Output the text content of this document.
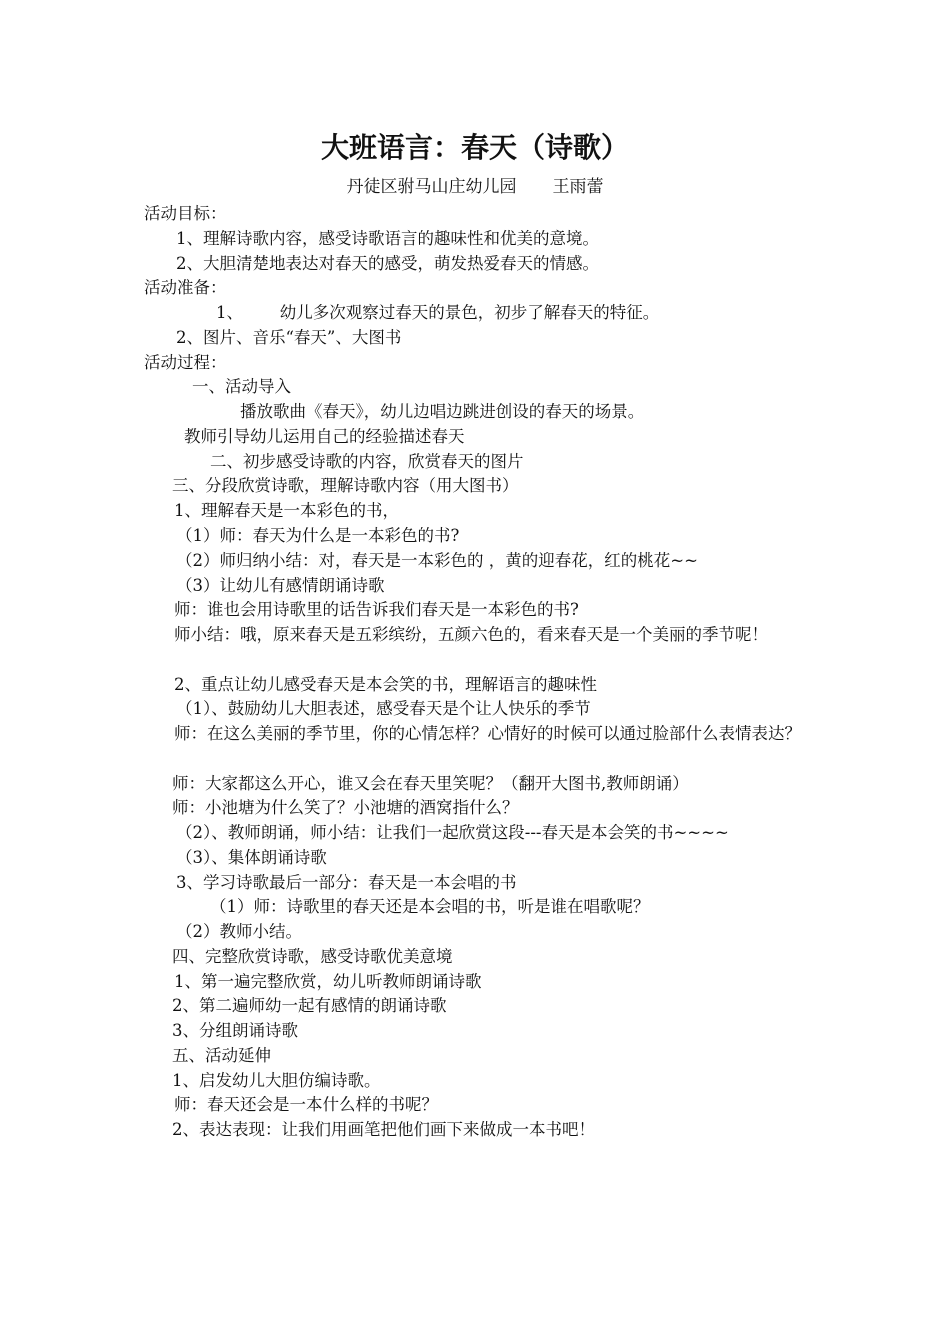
大班语言：春天（诗歌）
丹徒区驸马山庄幼儿园 王雨蕾
活动目标：
1、理解诗歌内容，感受诗歌语言的趣味性和优美的意境。
2、大胆清楚地表达对春天的感受，萌发热爱春天的情感。
活动准备：
1、       幼儿多次观察过春天的景色，初步了解春天的特征。
2、图片、音乐“春天”、大图书
活动过程：
一、活动导入
播放歌曲《春天》，幼儿边唱边跳进创设的春天的场景。
教师引导幼儿运用自己的经验描述春天
二、初步感受诗歌的内容，欣赏春天的图片
三、分段欣赏诗歌，理解诗歌内容（用大图书）
1、理解春天是一本彩色的书，
（1）师：春天为什么是一本彩色的书?
（2）师归纳小结：对，春天是一本彩色的 ，黄的迎春花，红的桃花~~
（3）让幼儿有感情朗诵诗歌
师：谁也会用诗歌里的话告诉我们春天是一本彩色的书?
师小结：哦，原来春天是五彩缤纷，五颜六色的，看来春天是一个美丽的季节呢！
2、重点让幼儿感受春天是本会笑的书，理解语言的趣味性
（1）、鼓励幼儿大胆表述，感受春天是个让人快乐的季节
师：在这么美丽的季节里，你的心情怎样？心情好的时候可以通过脸部什么表情表达？
师：大家都这么开心，谁又会在春天里笑呢？（翻开大图书,教师朗诵）
师：小池塘为什么笑了？小池塘的酒窝指什么？
（2）、教师朗诵，师小结：让我们一起欣赏这段---春天是本会笑的书~~~~
（3）、集体朗诵诗歌
3、学习诗歌最后一部分：春天是一本会唱的书
（1）师：诗歌里的春天还是本会唱的书，听是谁在唱歌呢？
（2）教师小结。
四、完整欣赏诗歌，感受诗歌优美意境
1、第一遍完整欣赏，幼儿听教师朗诵诗歌
2、第二遍师幼一起有感情的朗诵诗歌
3、分组朗诵诗歌
五、活动延伸
1、启发幼儿大胆仿编诗歌。
师：春天还会是一本什么样的书呢？
2、表达表现：让我们用画笔把他们画下来做成一本书吧！
